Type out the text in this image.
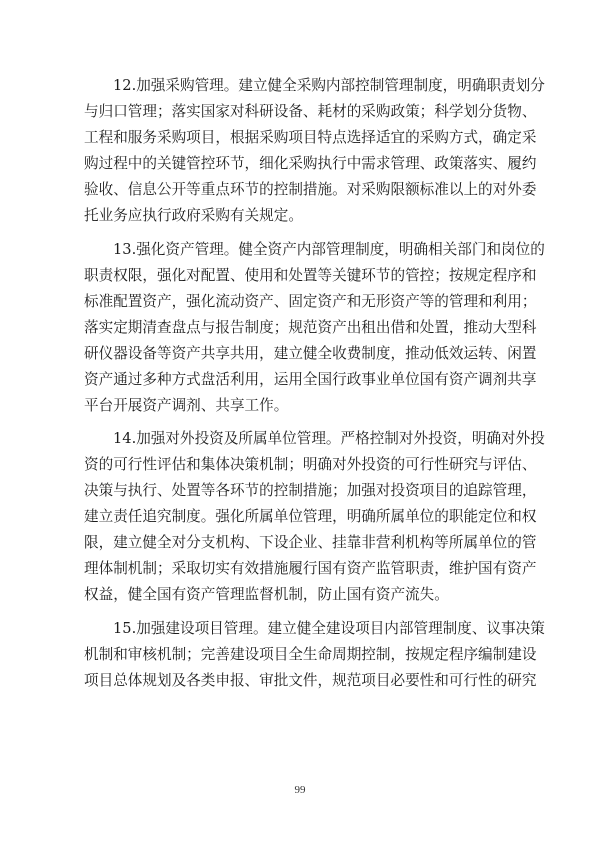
12.加强采购管理。建立健全采购内部控制管理制度，明确职责划分
与归口管理；落实国家对科研设备、耗材的采购政策；科学划分货物、
工程和服务采购项目，根据采购项目特点选择适宜的采购方式，确定采
购过程中的关键管控环节，细化采购执行中需求管理、政策落实、履约
验收、信息公开等重点环节的控制措施。对采购限额标准以上的对外委
托业务应执行政府采购有关规定。
13.强化资产管理。健全资产内部管理制度，明确相关部门和岗位的
职责权限，强化对配置、使用和处置等关键环节的管控；按规定程序和
标准配置资产，强化流动资产、固定资产和无形资产等的管理和利用；
落实定期清查盘点与报告制度；规范资产出租出借和处置，推动大型科
研仪器设备等资产共享共用，建立健全收费制度，推动低效运转、闲置
资产通过多种方式盘活利用，运用全国行政事业单位国有资产调剂共享
平台开展资产调剂、共享工作。
14.加强对外投资及所属单位管理。严格控制对外投资，明确对外投
资的可行性评估和集体决策机制；明确对外投资的可行性研究与评估、
决策与执行、处置等各环节的控制措施；加强对投资项目的追踪管理，
建立责任追究制度。强化所属单位管理，明确所属单位的职能定位和权
限，建立健全对分支机构、下设企业、挂靠非营利机构等所属单位的管
理体制机制；采取切实有效措施履行国有资产监管职责，维护国有资产
权益，健全国有资产管理监督机制，防止国有资产流失。
15.加强建设项目管理。建立健全建设项目内部管理制度、议事决策
机制和审核机制；完善建设项目全生命周期控制，按规定程序编制建设
项目总体规划及各类申报、审批文件，规范项目必要性和可行性的研究
99
